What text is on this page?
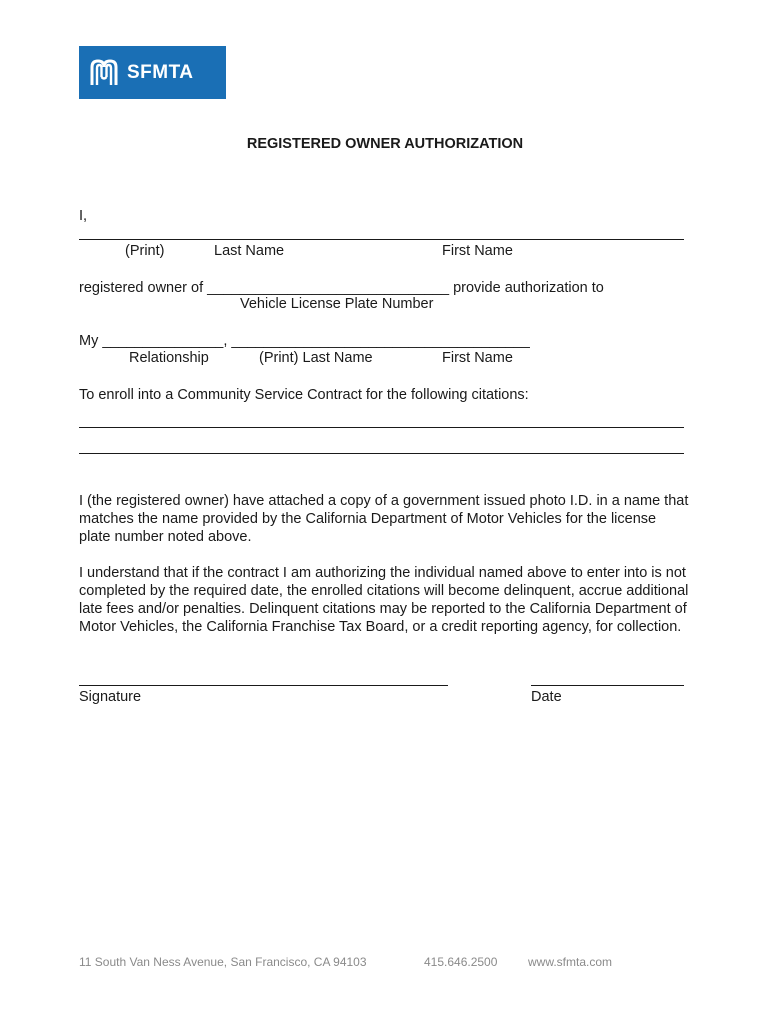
SFMTA
REGISTERED OWNER AUTHORIZATION
I,
(Print)	Last Name	First Name
registered owner of ______________________________ provide authorization to
Vehicle License Plate Number
My _______________, _____________________________________
Relationship	(Print) Last Name	First Name
To enroll into a Community Service Contract for the following citations:
I (the registered owner) have attached a copy of a government issued photo I.D. in a name that matches the name provided by the California Department of Motor Vehicles for the license plate number noted above.
I understand that if the contract I am authorizing the individual named above to enter into is not completed by the required date, the enrolled citations will become delinquent, accrue additional late fees and/or penalties. Delinquent citations may be reported to the California Department of Motor Vehicles, the California Franchise Tax Board, or a credit reporting agency, for collection.
Signature	Date
11 South Van Ness Avenue, San Francisco, CA 94103	415.646.2500	www.sfmta.com
